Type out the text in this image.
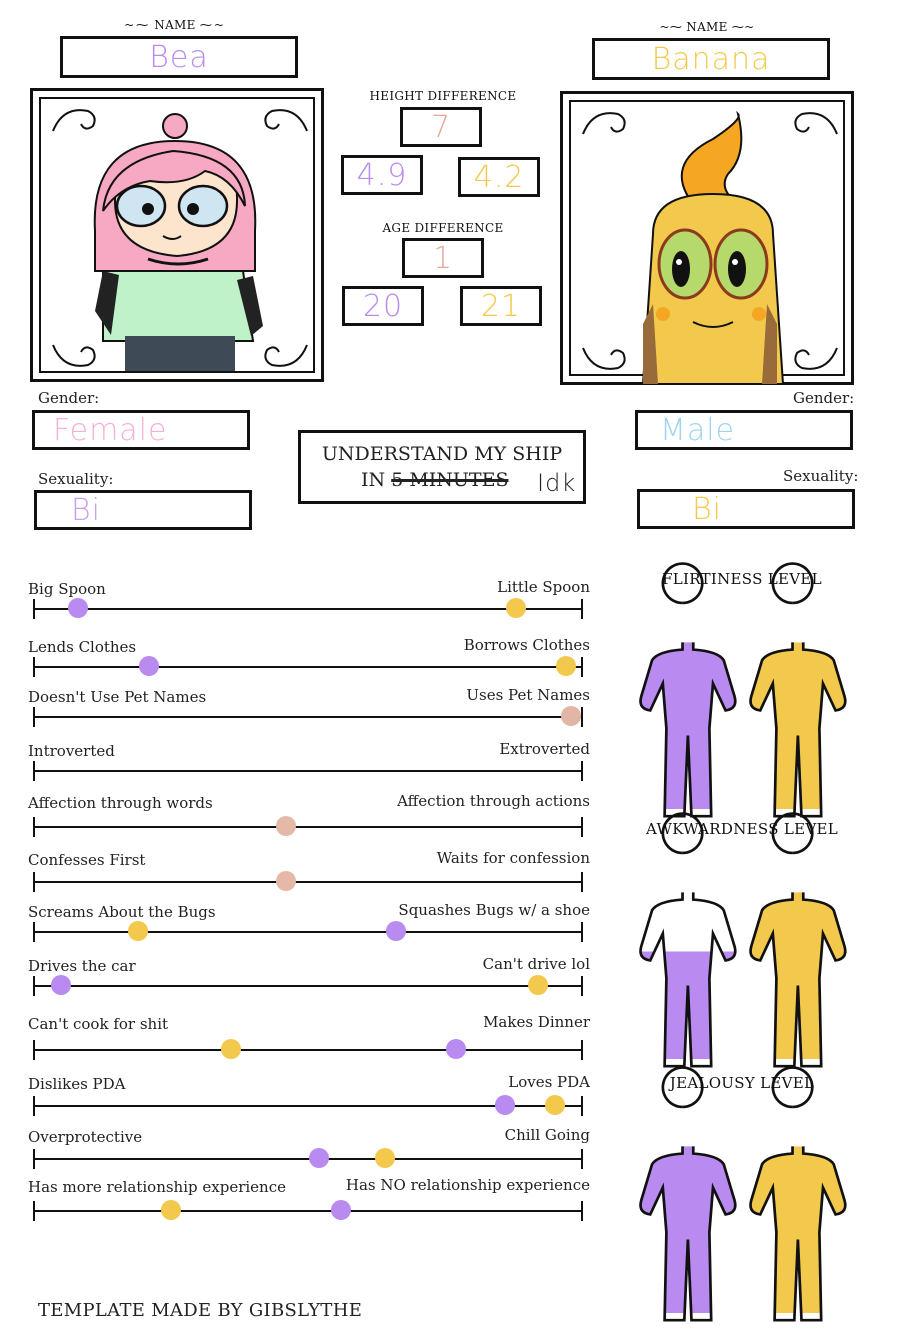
~⁓ NAME ⁓~
Bea
~⁓ NAME ⁓~
Banana
HEIGHT DIFFERENCE
7
4.9	4.2
AGE DIFFERENCE
1
20	21
Gender:
Female
Sexuality:
Bi
Gender:
Male
Sexuality:
Bi
UNDERSTAND MY SHIP
IN 5 MINUTES Idk
Big Spoon	Little Spoon
Lends Clothes	Borrows Clothes
Doesn't Use Pet Names	Uses Pet Names
Introverted	Extroverted
Affection through words	Affection through actions
Confesses First	Waits for confession
Screams About the Bugs	Squashes Bugs w/ a shoe
Drives the car	Can't drive lol
Can't cook for shit	Makes Dinner
Dislikes PDA	Loves PDA
Overprotective	Chill Going
Has more relationship experience	Has NO relationship experience
FLIRTINESS LEVEL
AWKWARDNESS LEVEL
JEALOUSY LEVEL
TEMPLATE MADE BY GIBSLYTHE
